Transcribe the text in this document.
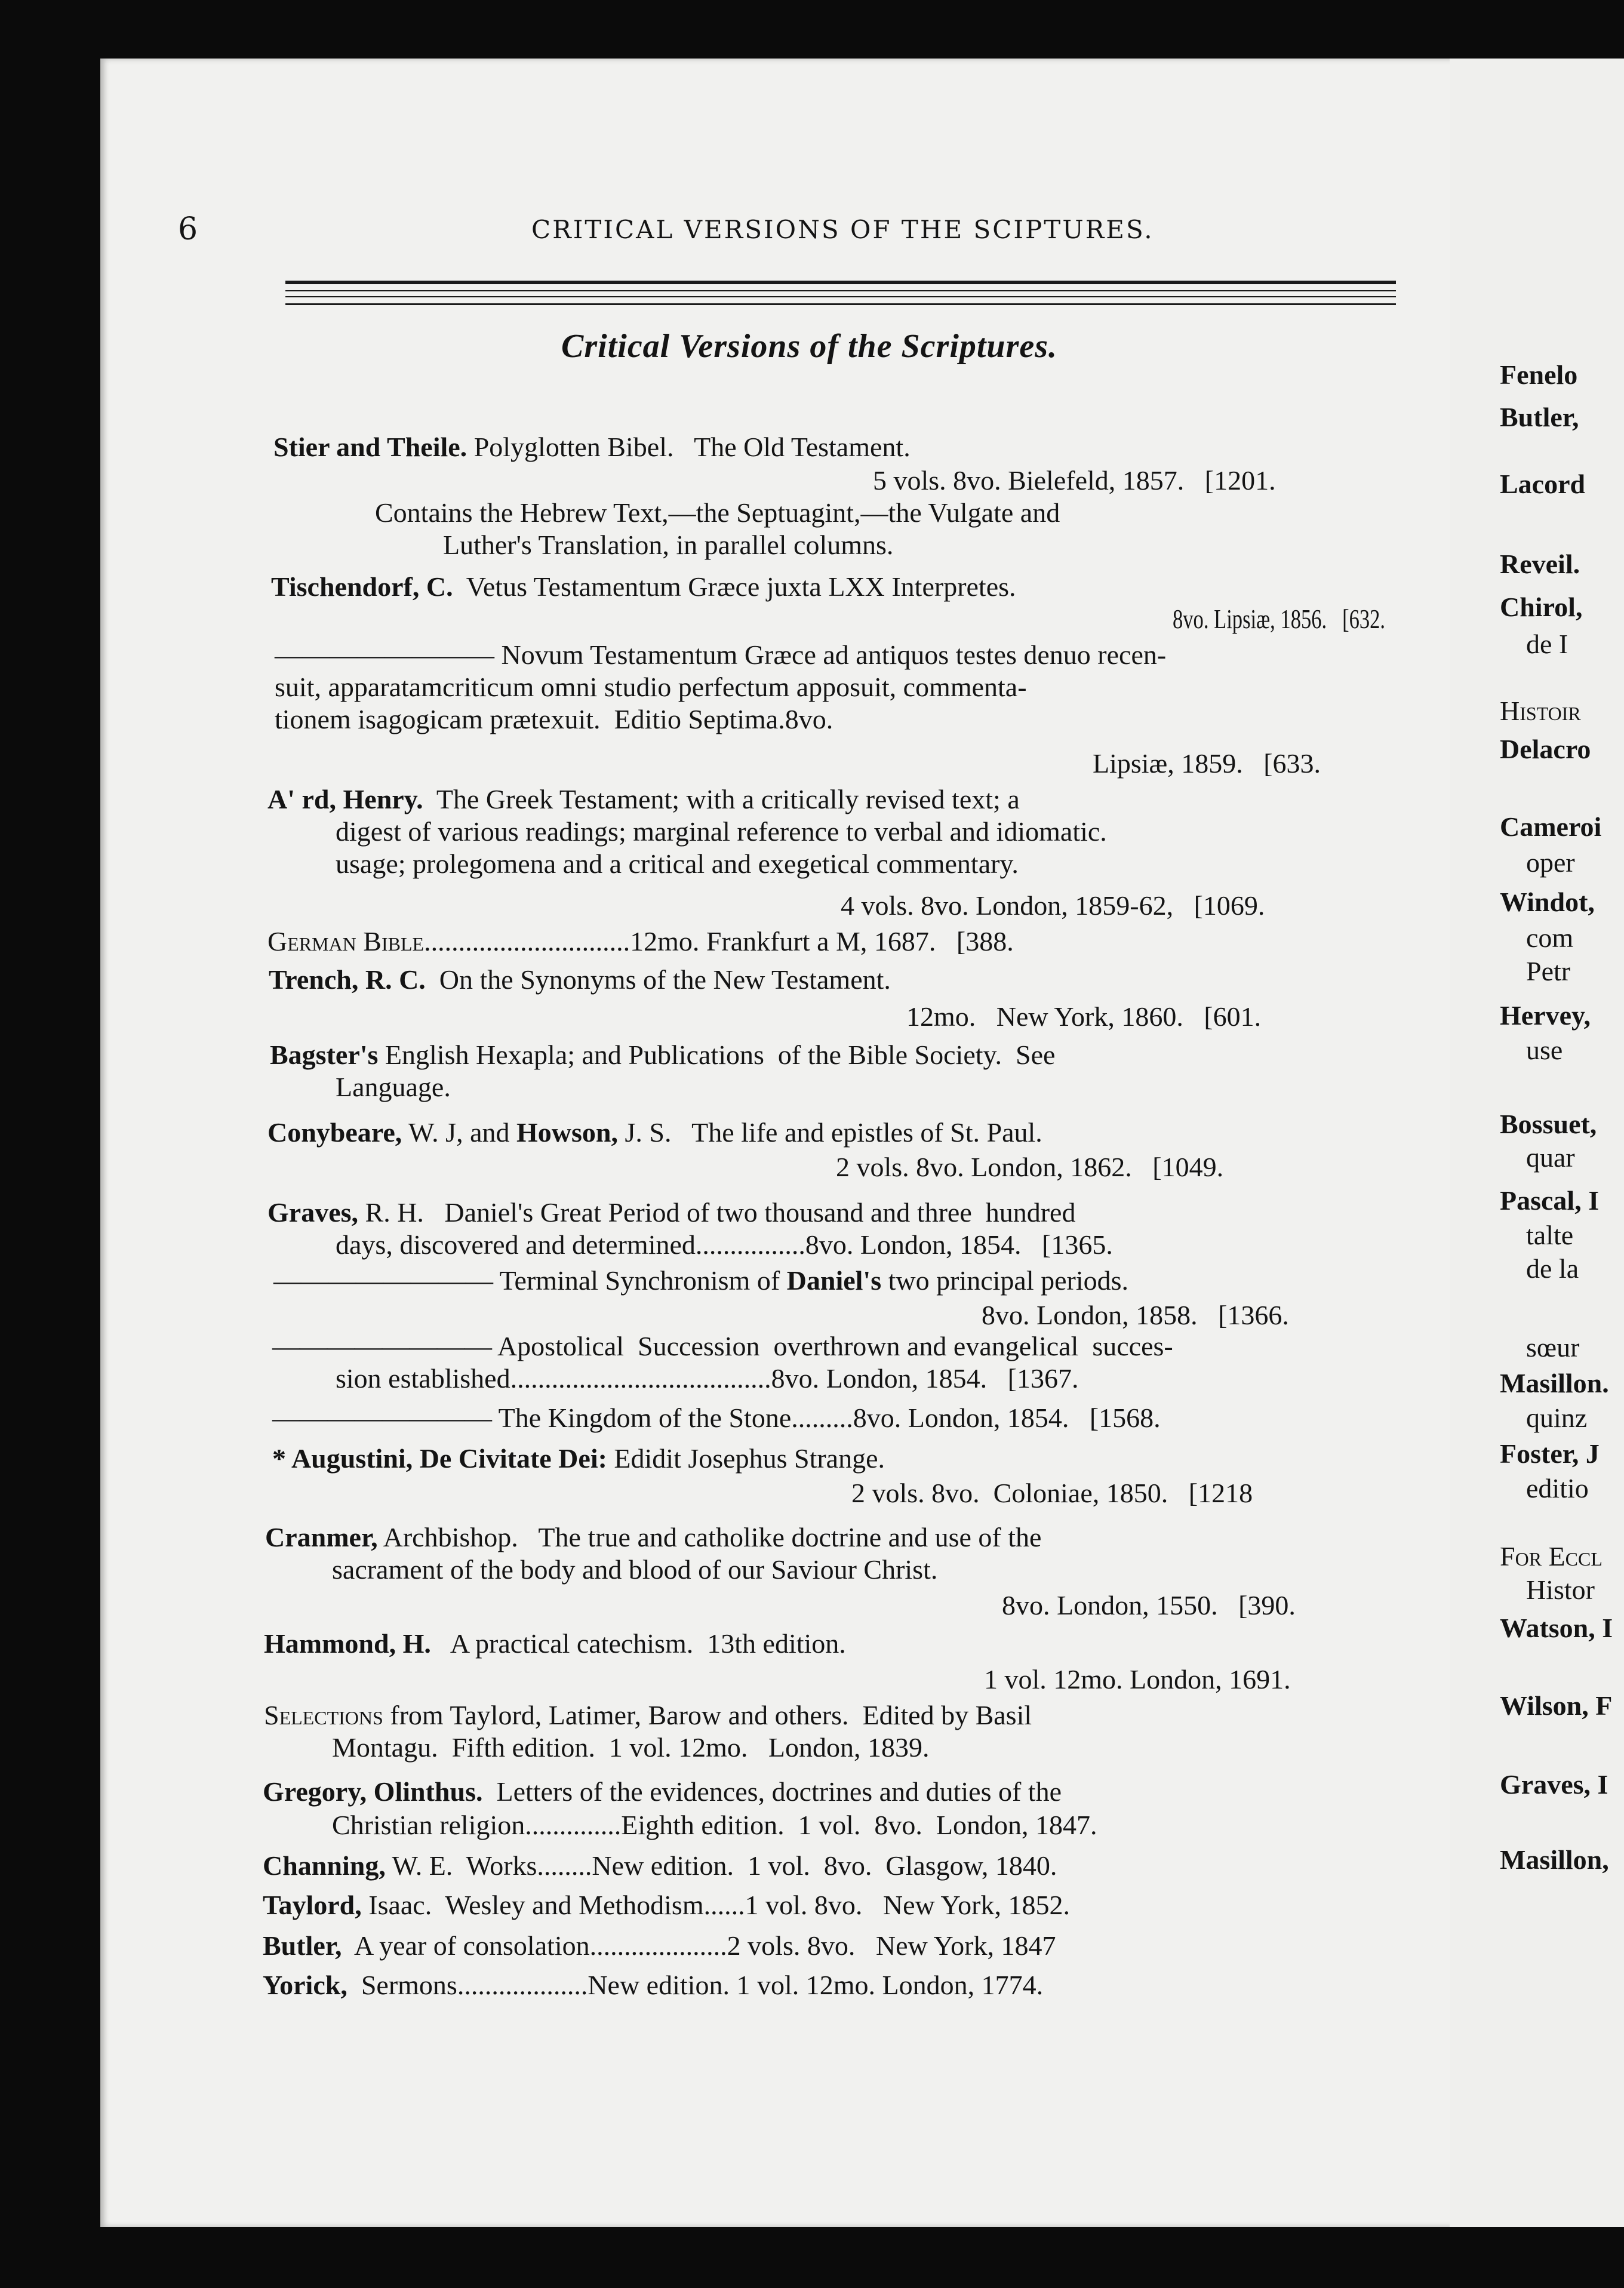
6	CRITICAL VERSIONS OF THE SCIPTURES.
Critical Versions of the Scriptures.
Stier and Theile. Polyglotten Bibel.   The Old Testament.
5 vols. 8vo. Bielefeld, 1857.   [1201.
Contains the Hebrew Text,—the Septuagint,—the Vulgate and
Luther's Translation, in parallel columns.
Tischendorf, C.  Vetus Testamentum Græce juxta LXX Interpretes.
8vo. Lipsiæ, 1856.   [632.
———————— Novum Testamentum Græce ad antiquos testes denuo recen-
suit, apparatamcriticum omni studio perfectum apposuit, commenta-
tionem isagogicam prætexuit.  Editio Septima.8vo.
Lipsiæ, 1859.   [633.
A' rd, Henry.  The Greek Testament; with a critically revised text; a
digest of various readings; marginal reference to verbal and idiomatic.
usage; prolegomena and a critical and exegetical commentary.
4 vols. 8vo. London, 1859-62,   [1069.
German Bible..............................12mo. Frankfurt a M, 1687.   [388.
Trench, R. C.  On the Synonyms of the New Testament.
12mo.   New York, 1860.   [601.
Bagster's English Hexapla; and Publications  of the Bible Society.  See
Language.
Conybeare, W. J, and Howson, J. S.   The life and epistles of St. Paul.
2 vols. 8vo. London, 1862.   [1049.
Graves, R. H.   Daniel's Great Period of two thousand and three  hundred
days, discovered and determined................8vo. London, 1854.   [1365.
———————— Terminal Synchronism of Daniel's two principal periods.
8vo. London, 1858.   [1366.
———————— Apostolical  Succession  overthrown and evangelical  succes-
sion established......................................8vo. London, 1854.   [1367.
———————— The Kingdom of the Stone.........8vo. London, 1854.   [1568.
* Augustini, De Civitate Dei: Edidit Josephus Strange.
2 vols. 8vo.  Coloniae, 1850.   [1218
Cranmer, Archbishop.   The true and catholike doctrine and use of the
sacrament of the body and blood of our Saviour Christ.
8vo. London, 1550.   [390.
Hammond, H.   A practical catechism.  13th edition.
1 vol. 12mo. London, 1691.
Selections from Taylord, Latimer, Barow and others.  Edited by Basil
Montagu.  Fifth edition.  1 vol. 12mo.   London, 1839.
Gregory, Olinthus.  Letters of the evidences, doctrines and duties of the
Christian religion..............Eighth edition.  1 vol.  8vo.  London, 1847.
Channing, W. E.  Works........New edition.  1 vol.  8vo.  Glasgow, 1840.
Taylord, Isaac.  Wesley and Methodism......1 vol. 8vo.   New York, 1852.
Butler,  A year of consolation....................2 vols. 8vo.   New York, 1847
Yorick,  Sermons...................New edition. 1 vol. 12mo. London, 1774.
Fenelo
Butler,
Lacord
Reveil.
Chirol,
de I
Histoir
Delacro
Cameroi
oper
Windot,
com
Petr
Hervey,
use
Bossuet,
quar
Pascal, I
talte
de la
sœur
Masillon.
quinz
Foster, J
editio
For Eccl
Histor
Watson, I
Wilson, F
Graves, I
Masillon,
